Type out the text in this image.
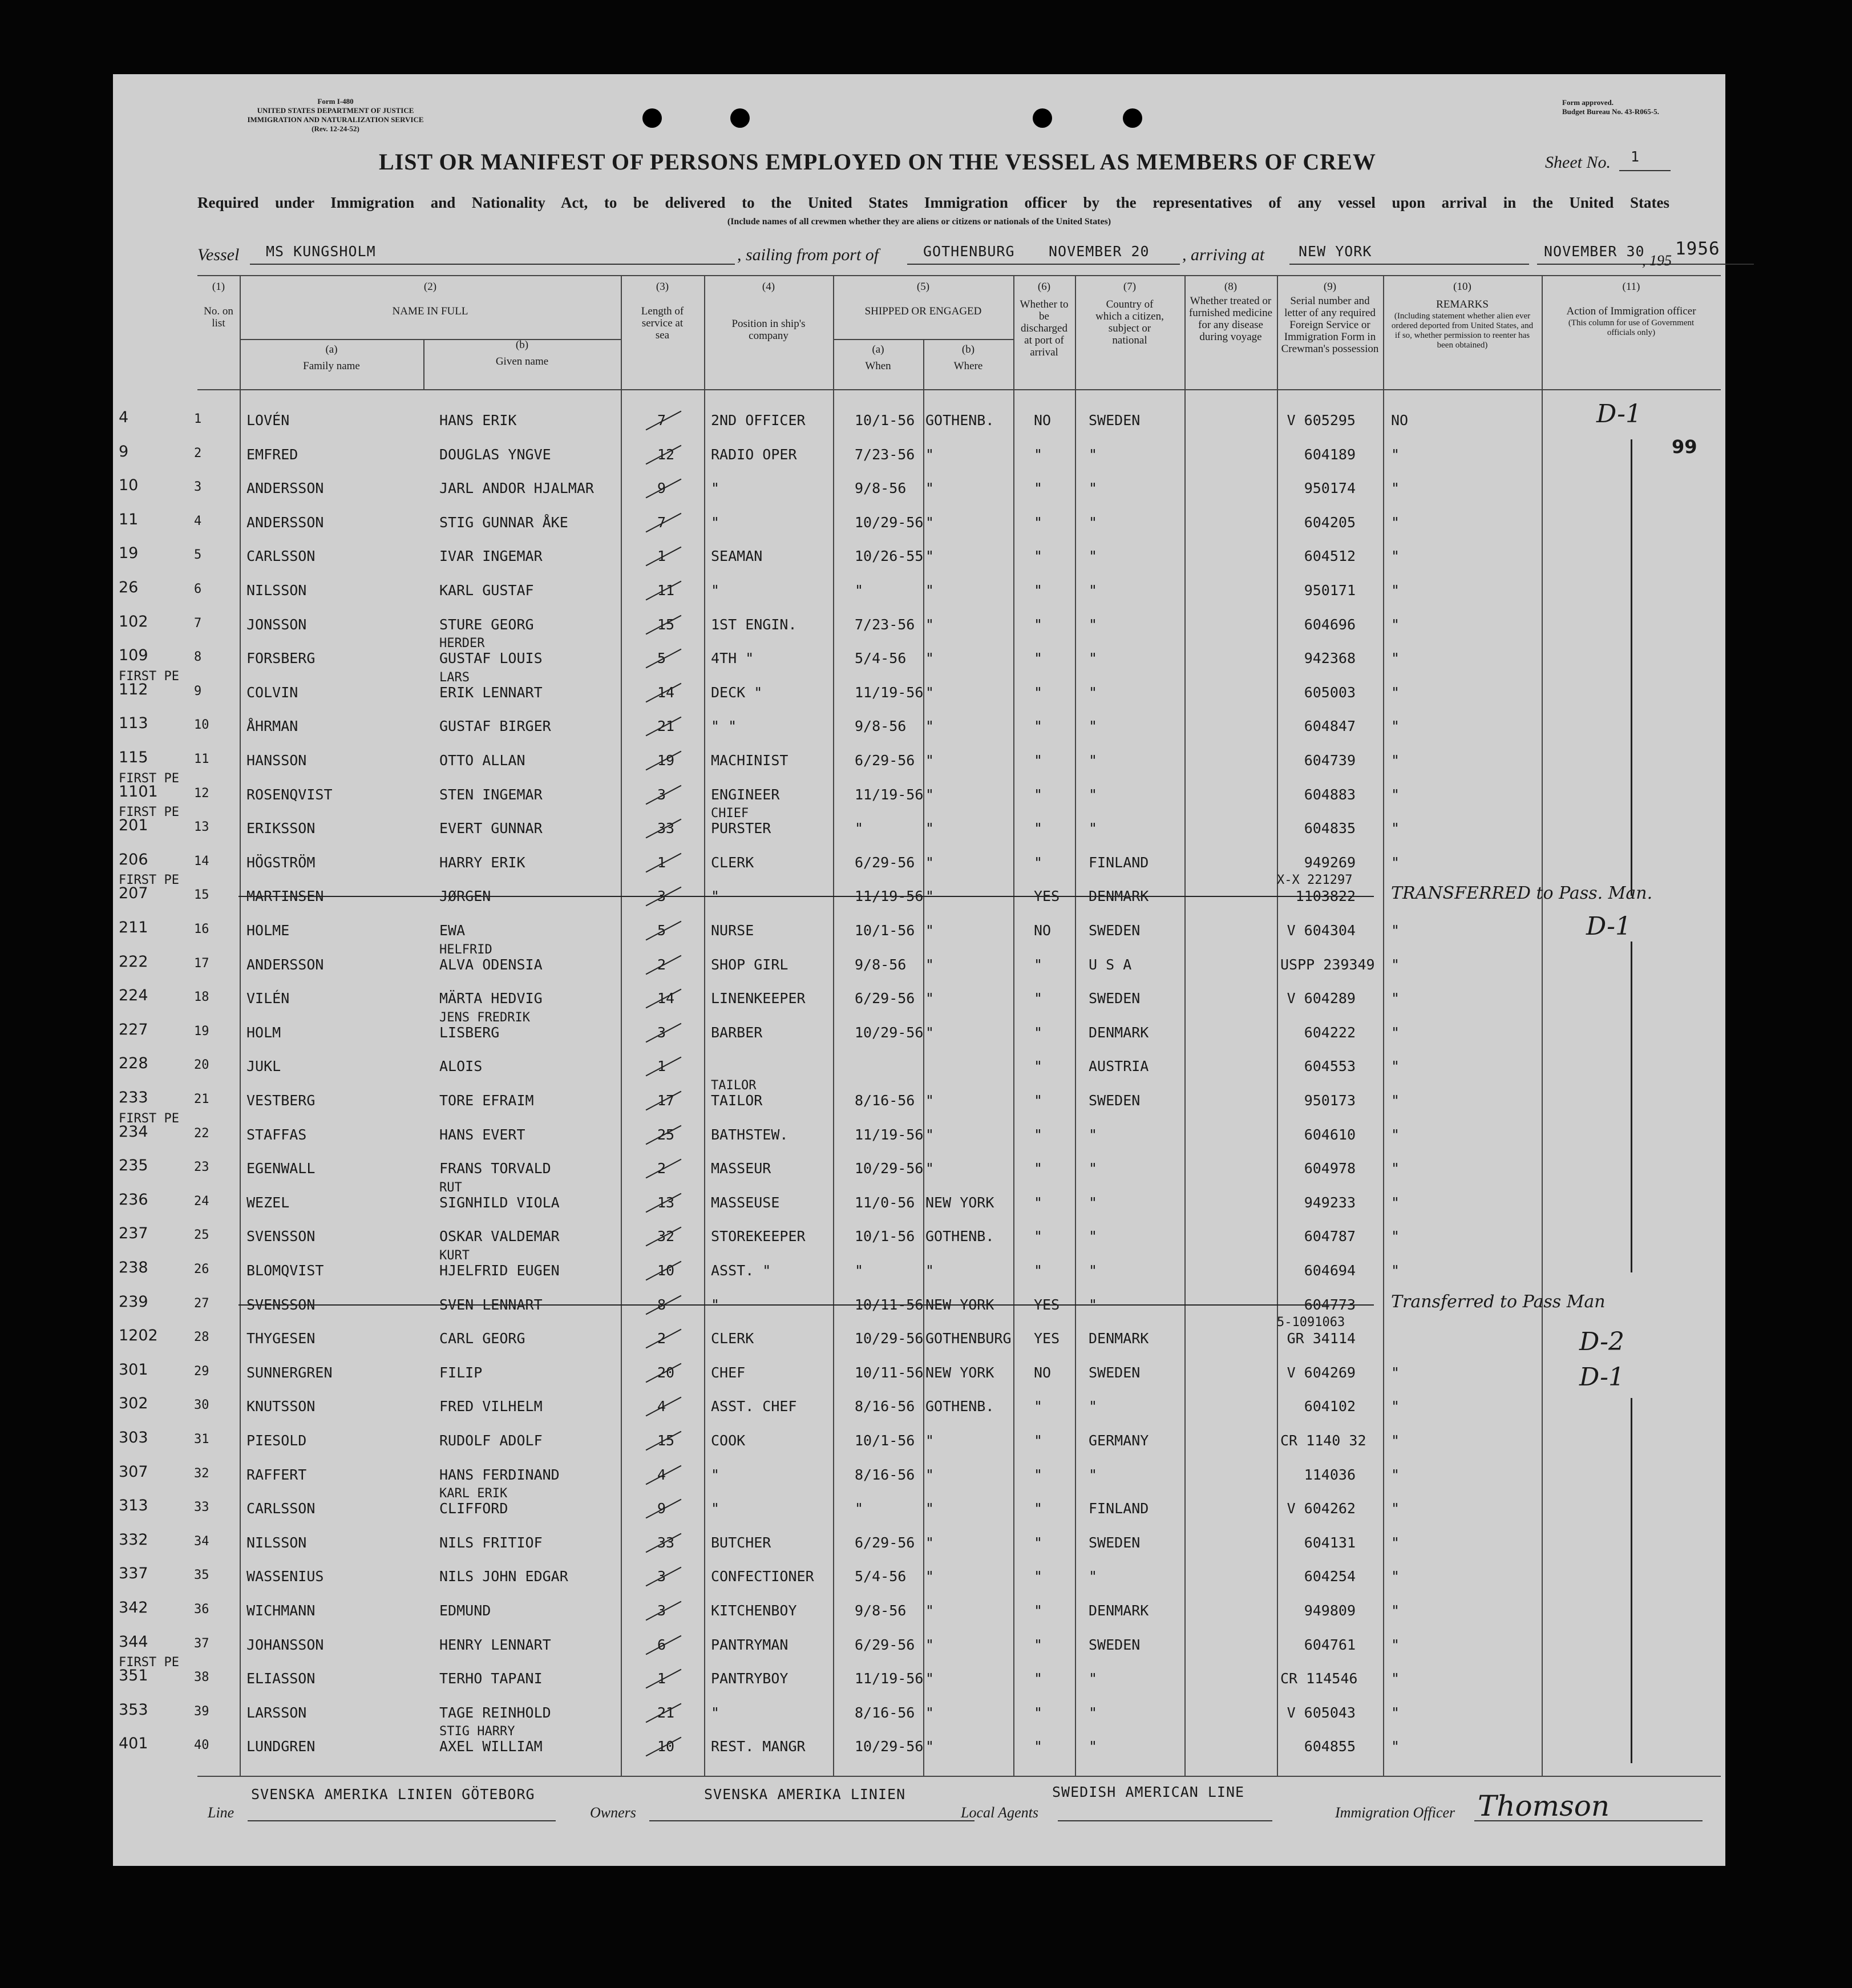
Form I-480
UNITED STATES DEPARTMENT OF JUSTICE
IMMIGRATION AND NATURALIZATION SERVICE
(Rev. 12-24-52)
Form approved.
Budget Bureau No. 43-R065-5.
LIST OR MANIFEST OF PERSONS EMPLOYED ON THE VESSEL AS MEMBERS OF CREW	Sheet No. 1
Required under Immigration and Nationality Act, to be delivered to the United States Immigration officer by the representatives of any vessel upon arrival in the United States
(Include names of all crewmen whether they are aliens or citizens or nationals of the United States)
Vessel MS KUNGSHOLM	, sailing from port of	GOTHENBURG NOVEMBER 20 , arriving at NEW YORK	NOVEMBER 30 1956
, 195
(1)
No. on list
(2)
NAME IN FULL
(a)
Family name
(b)
Given name
(3)
Length of service at sea
(4)
Position in ship's company
(5)
SHIPPED OR ENGAGED
(a)
When
(b)
Where
(6)
Whether to be discharged at port of arrival
(7)
Country of which a citizen, subject or national
(8)
Whether treated or furnished medicine for any disease during voyage
(9)
Serial number and letter of any required Foreign Service or Immigration Form in Crewman's possession
(10)
REMARKS
(Including statement whether alien ever ordered deported from United States, and if so, whether permission to reenter has been obtained)
(11)
Action of Immigration officer
(This column for use of Government officials only)
4	1	LOVÉN	HANS ERIK	7	2ND OFFICER	10/1-56 GOTHENB.	NO	SWEDEN	V 605295 NO
9	2	EMFRED	DOUGLAS YNGVE	12	RADIO OPER	7/23-56 "	"	"	604189 "
10	3	ANDERSSON	JARL ANDOR HJALMAR	9	"	9/8-56 "	"	"	950174 "
11	4	ANDERSSON	STIG GUNNAR ÅKE	7	"	10/29-56 "	"	"	604205 "
19	5	CARLSSON	IVAR INGEMAR	1	SEAMAN	10/26-55 "	"	"	604512 "
26	6	NILSSON	KARL GUSTAF	11	"	"	"	"	"	950171 "
102	7	JONSSON	STURE GEORG	15	1ST ENGIN.	7/23-56 "	"	"	604696 "
109	8	FORSBERG	GUSTAF LOUIS	5	4TH "	5/4-56 "	"	"	942368 "
HERDER
112	9	COLVIN	ERIK LENNART	14	DECK "	11/19-56 "	"	"	605003 "
FIRST PE	LARS
113	10	ÅHRMAN	GUSTAF BIRGER	21	" "	9/8-56 "	"	"	604847 "
115	11	HANSSON	OTTO ALLAN	19	MACHINIST	6/29-56 "	"	"	604739 "
1101	12	ROSENQVIST	STEN INGEMAR	3	ENGINEER	11/19-56 "	"	"	604883 "
FIRST PE
201	13	ERIKSSON	EVERT GUNNAR	33	PURSTER	"	"	"	"	604835 "
FIRST PE	CHIEF
206	14	HÖGSTRÖM	HARRY ERIK	1	CLERK	6/29-56 "	"	FINLAND	949269 "
207	15	MARTINSEN	JØRGEN	3	"	11/19-56 "	YES DENMARK	1103822 TRANSFERRED to Pass. Man.
FIRST PE	X-X 221297
211	16	HOLME	EWA	5	NURSE	10/1-56 "	NO	SWEDEN	V 604304 "
222	17	ANDERSSON	ALVA ODENSIA	2	SHOP GIRL	9/8-56 "	"	U S A	USPP 239349 "
HELFRID
224	18	VILÉN	MÄRTA HEDVIG	14	LINENKEEPER	6/29-56 "	"	SWEDEN	V 604289 "
227	19	HOLM	LISBERG	3	BARBER	10/29-56 "	"	DENMARK	604222 "
JENS FREDRIK
228	20	JUKL	ALOIS	1	"	AUSTRIA	604553 "
233	21	VESTBERG	TORE EFRAIM	17	TAILOR	8/16-56 "	"	SWEDEN	950173 "
TAILOR
234	22	STAFFAS	HANS EVERT	25	BATHSTEW.	11/19-56 "	"	"	604610 "
FIRST PE
235	23	EGENWALL	FRANS TORVALD	2	MASSEUR	10/29-56 "	"	"	604978 "
236	24	WEZEL	SIGNHILD VIOLA	13	MASSEUSE	11/0-56 NEW YORK	"	"	949233 "
RUT
237	25	SVENSSON	OSKAR VALDEMAR	32	STOREKEEPER	10/1-56 GOTHENB.	"	"	604787 "
238	26	BLOMQVIST	HJELFRID EUGEN	10	ASST. "	"	"	"	"	604694 "
KURT
239	27	SVENSSON	SVEN LENNART	8	"	10/11-56 NEW YORK	YES "	604773 Transferred to Pass Man
1202	28	THYGESEN	CARL GEORG	2	CLERK	10/29-56 GOTHENBURG YES DENMARK	GR 34114
5-1091063
301	29	SUNNERGREN	FILIP	20	CHEF	10/11-56 NEW YORK	NO	SWEDEN	V 604269 "
302	30	KNUTSSON	FRED VILHELM	4	ASST. CHEF	8/16-56 GOTHENB.	"	"	604102 "
303	31	PIESOLD	RUDOLF ADOLF	15	COOK	10/1-56 "	"	GERMANY	CR 1140 32 "
307	32	RAFFERT	HANS FERDINAND	4	"	8/16-56 "	"	"	114036 "
313	33	CARLSSON	CLIFFORD	9	"	"	"	"	FINLAND	V 604262 "
KARL ERIK
332	34	NILSSON	NILS FRITIOF	33	BUTCHER	6/29-56 "	"	SWEDEN	604131 "
337	35	WASSENIUS	NILS JOHN EDGAR	3	CONFECTIONER	5/4-56 "	"	"	604254 "
342	36	WICHMANN	EDMUND	3	KITCHENBOY	9/8-56 "	"	DENMARK	949809 "
344	37	JOHANSSON	HENRY LENNART	6	PANTRYMAN	6/29-56 "	"	SWEDEN	604761 "
351	38	ELIASSON	TERHO TAPANI	1	PANTRYBOY	11/19-56 "	"	"	CR 114546 "
FIRST PE
353	39	LARSSON	TAGE REINHOLD	21	"	8/16-56 "	"	"	V 605043 "
401	40	LUNDGREN	AXEL WILLIAM	10	REST. MANGR	10/29-56 "	"	"	604855 "
STIG HARRY
D-1
99
D-1
D-2
D-1
SVENSKA AMERIKA LINIEN GÖTEBORG
Line	Owners
SVENSKA AMERIKA LINIEN
Local Agents
SWEDISH AMERICAN LINE
Immigration Officer Thomson
